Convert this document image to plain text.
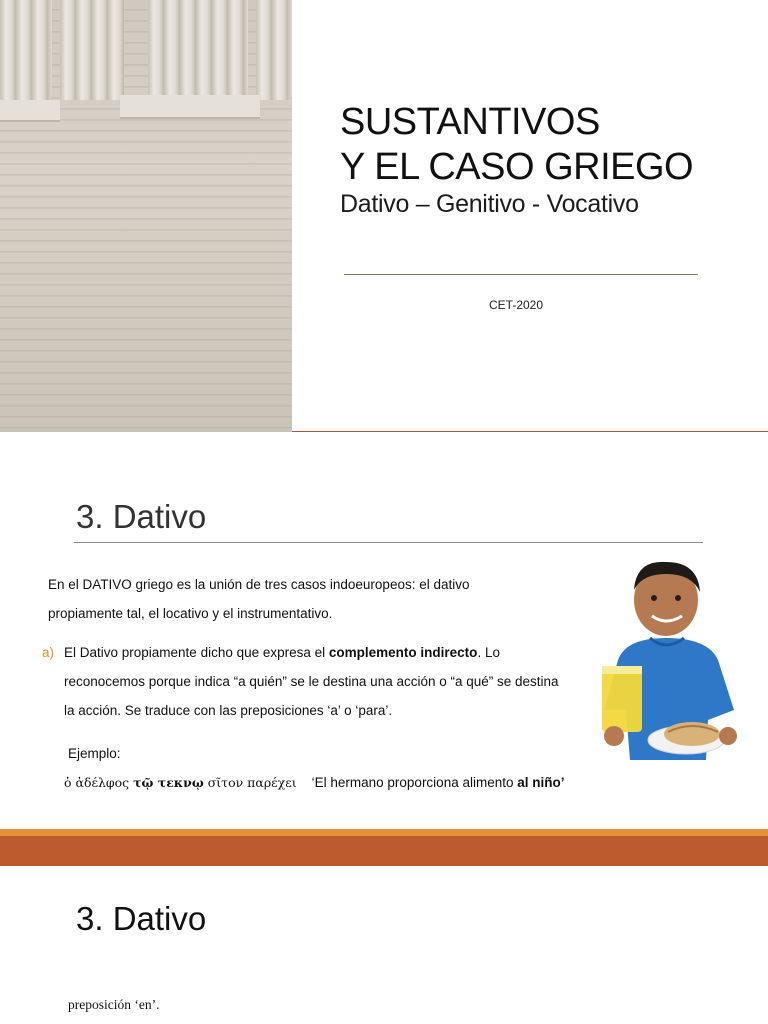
SUSTANTIVOS
Y EL CASO GRIEGO
Dativo – Genitivo - Vocativo
CET-2020
3. Dativo
En el DATIVO griego es la unión de tres casos indoeuropeos: el dativo
propiamente tal, el locativo y el instrumentativo.
a) El Dativo propiamente dicho que expresa el complemento indirecto. Lo reconocemos porque indica “a quién” se le destina una acción o “a qué” se destina la acción. Se traduce con las preposiciones ‘a’ o ‘para’.
Ejemplo:
ὁ ἀδέλφος τῷ τεκνῳ σῖτον παρέχει ‘El hermano proporciona alimento al niño’
3. Dativo
preposición ‘en’.
